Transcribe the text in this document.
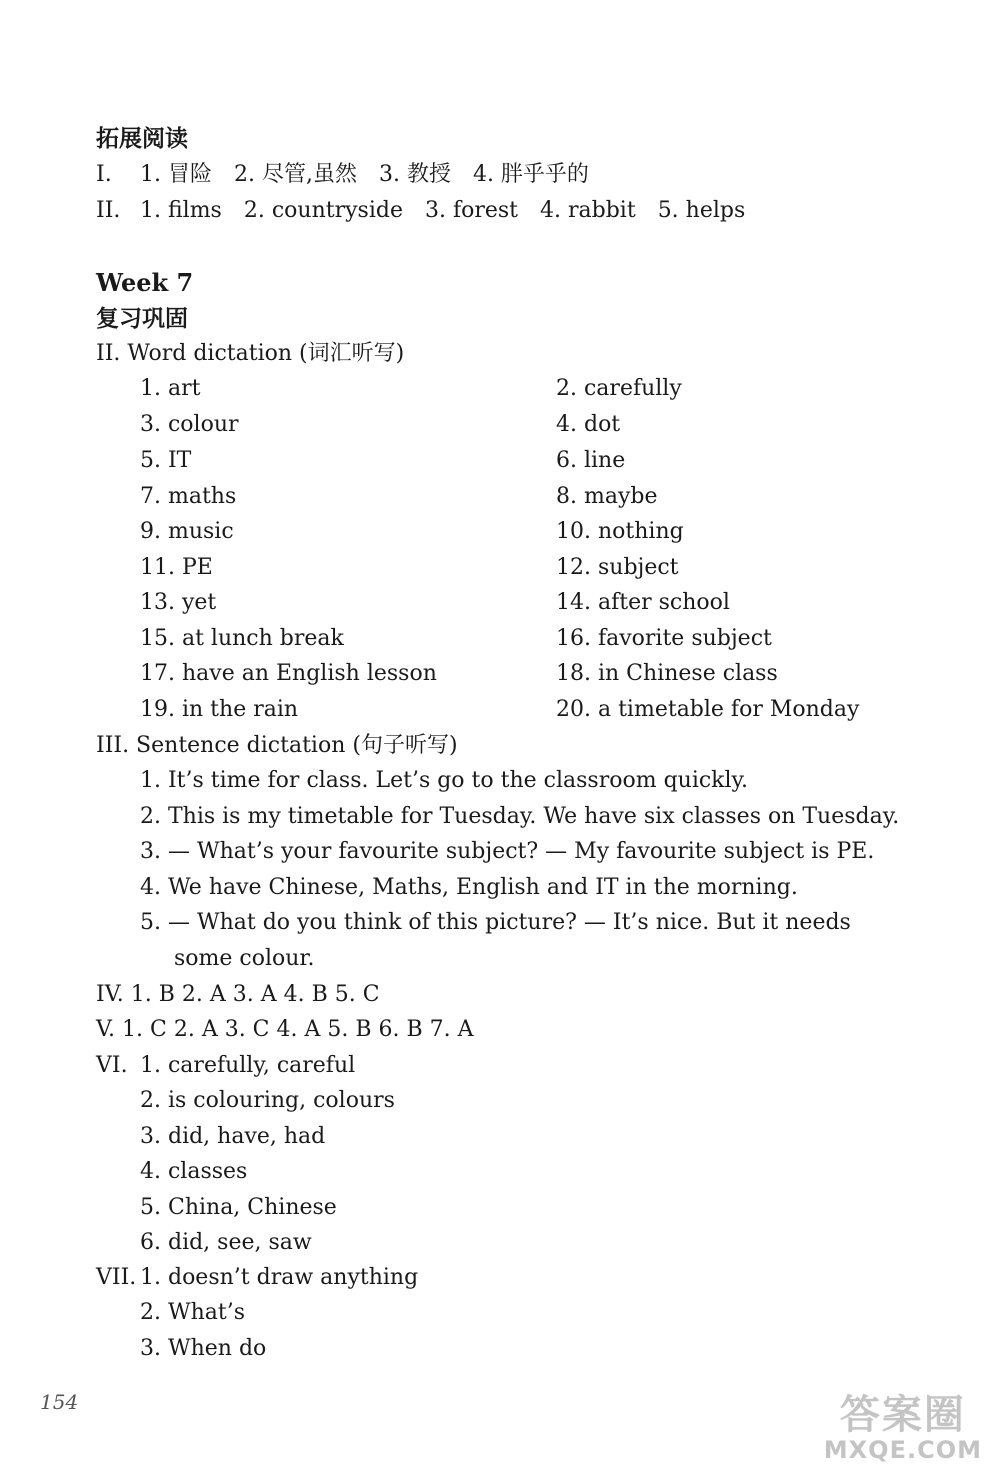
拓展阅读
I. 1. 冒险 2. 尽管,虽然 3. 教授 4. 胖乎乎的
II. 1. films 2. countryside 3. forest 4. rabbit 5. helps
Week 7
复习巩固
II. Word dictation (词汇听写)
1. art
3. colour
5. IT
7. maths
9. music
11. PE
13. yet
15. at lunch break
17. have an English lesson
19. in the rain
2. carefully
4. dot
6. line
8. maybe
10. nothing
12. subject
14. after school
16. favorite subject
18. in Chinese class
20. a timetable for Monday
III. Sentence dictation (句子听写)
1. It’s time for class. Let’s go to the classroom quickly.
2. This is my timetable for Tuesday. We have six classes on Tuesday.
3. — What’s your favourite subject? — My favourite subject is PE.
4. We have Chinese, Maths, English and IT in the morning.
5. — What do you think of this picture? — It’s nice. But it needs
some colour.
IV. 1. B 2. A 3. A 4. B 5. C
V. 1. C 2. A 3. C 4. A 5. B 6. B 7. A
VI. 1. carefully, careful
2. is colouring, colours
3. did, have, had
4. classes
5. China, Chinese
6. did, see, saw
VII. 1. doesn’t draw anything
2. What’s
3. When do
154	答案圈
MXQE.COM
